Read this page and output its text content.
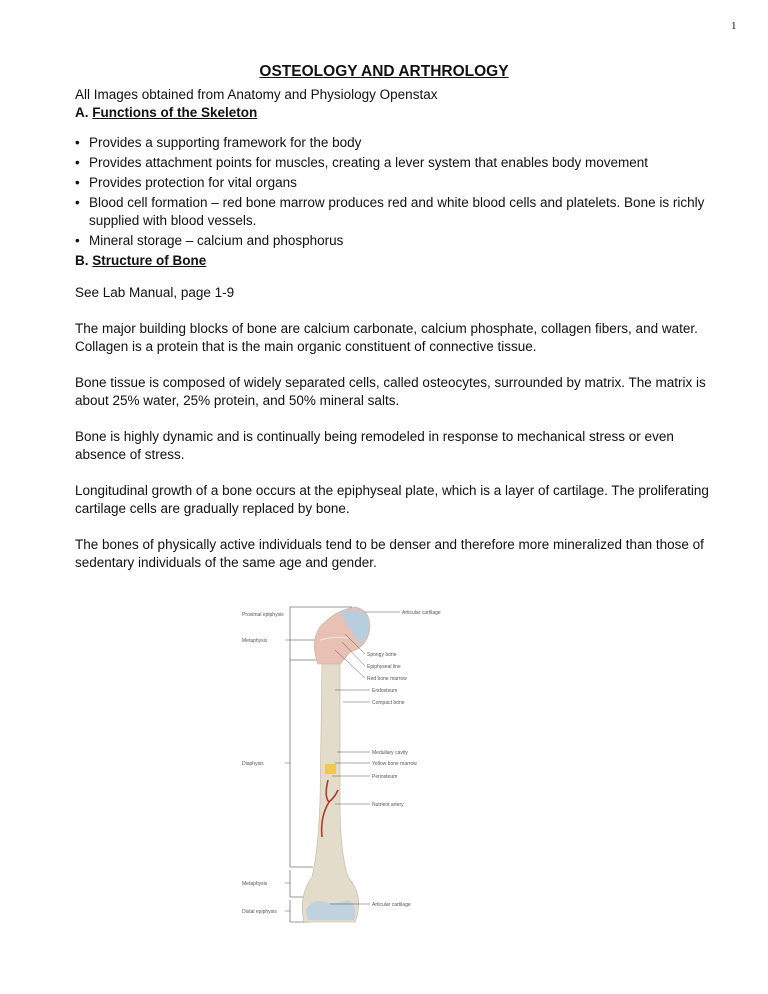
1
OSTEOLOGY AND ARTHROLOGY

All Images obtained from Anatomy and Physiology Openstax

A. Functions of the Skeleton

• Provides a supporting framework for the body
• Provides attachment points for muscles, creating a lever system that enables body movement
• Provides protection for vital organs
• Blood cell formation – red bone marrow produces red and white blood cells and platelets. Bone is richly supplied with blood vessels.
• Mineral storage – calcium and phosphorus

B. Structure of Bone

See Lab Manual, page 1-9

The major building blocks of bone are calcium carbonate, calcium phosphate, collagen fibers, and water. Collagen is a protein that is the main organic constituent of connective tissue.

Bone tissue is composed of widely separated cells, called osteocytes, surrounded by matrix. The matrix is about 25% water, 25% protein, and 50% mineral salts.

Bone is highly dynamic and is continually being remodeled in response to mechanical stress or even absence of stress.

Longitudinal growth of a bone occurs at the epiphyseal plate, which is a layer of cartilage. The proliferating cartilage cells are gradually replaced by bone.

The bones of physically active individuals tend to be denser and therefore more mineralized than those of sedentary individuals of the same age and gender.

Proximal epiphysis
Metaphysis
Diaphysis
Metaphysis
Distal epiphysis
Articular cartilage
Spongy bone
Epiphyseal line
Red bone marrow
Endosteum
Compact bone
Medullary cavity
Yellow bone marrow
Periosteum
Nutrient artery
Articular cartilage
